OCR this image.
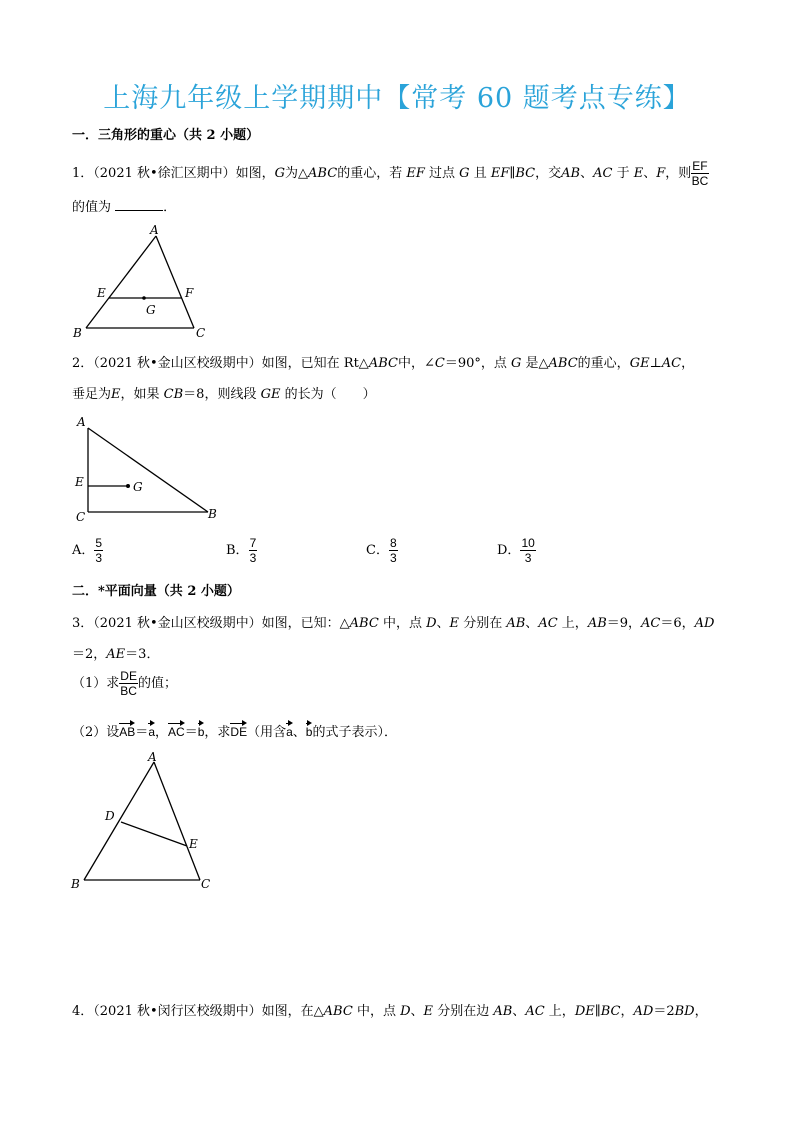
上海九年级上学期期中【常考 60 题考点专练】
一．三角形的重心（共 2 小题）
1．（2021 秋•徐汇区期中）如图，G为△ABC的重心，若 EF 过点 G 且 EF∥BC，交AB、AC 于 E、F，则 $\frac{EF}{BC}$
的值为	．
A
E	F
G
B	C
2．（2021 秋•金山区校级期中）如图，已知在 Rt△ABC中，∠C＝90°，点 G 是△ABC的重心，GE⊥AC，
垂足为E，如果 CB＝8，则线段 GE 的长为（　　）
A
E	G
C	B
A． $\frac{5}{3}$	B． $\frac{7}{3}$	C． $\frac{8}{3}$	D． $\frac{10}{3}$
二．*平面向量（共 2 小题）
3．（2021 秋•金山区校级期中）如图，已知：△ABC 中，点 D、E 分别在 AB、AC 上，AB＝9，AC＝6，AD
＝2，AE＝3．
（1）求 $\frac{DE}{BC}$ 的值；
（2）设AB＝a，AC＝b，求DE（用含a、b的式子表示）．
A
D
E
B	C
4．（2021 秋•闵行区校级期中）如图，在△ABC 中，点 D、E 分别在边 AB、AC 上，DE∥BC，AD＝2BD，
